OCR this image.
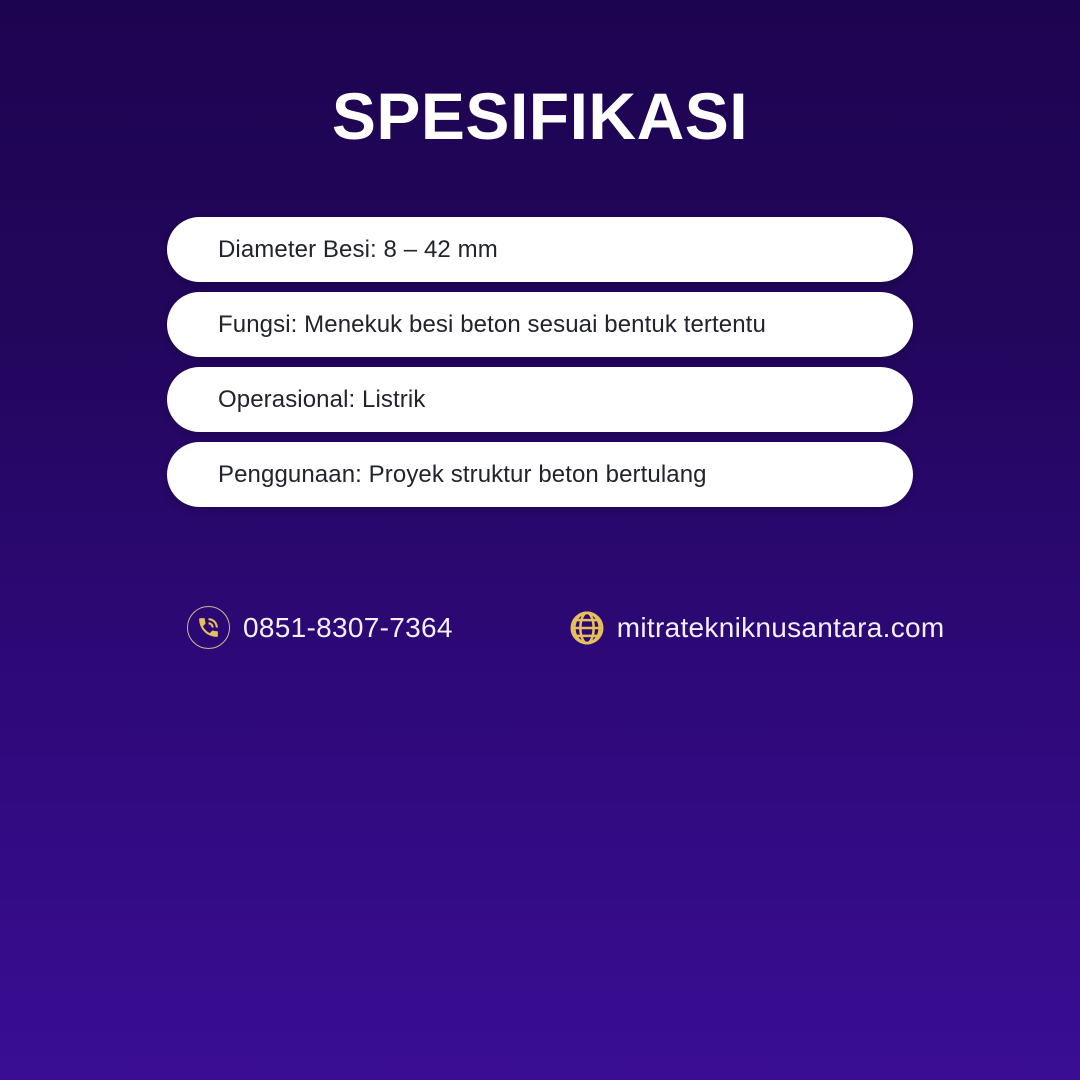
SPESIFIKASI
Diameter Besi: 8 – 42 mm
Fungsi: Menekuk besi beton sesuai bentuk tertentu
Operasional: Listrik
Penggunaan: Proyek struktur beton bertulang
0851-8307-7364	mitratekniknusantara.com
